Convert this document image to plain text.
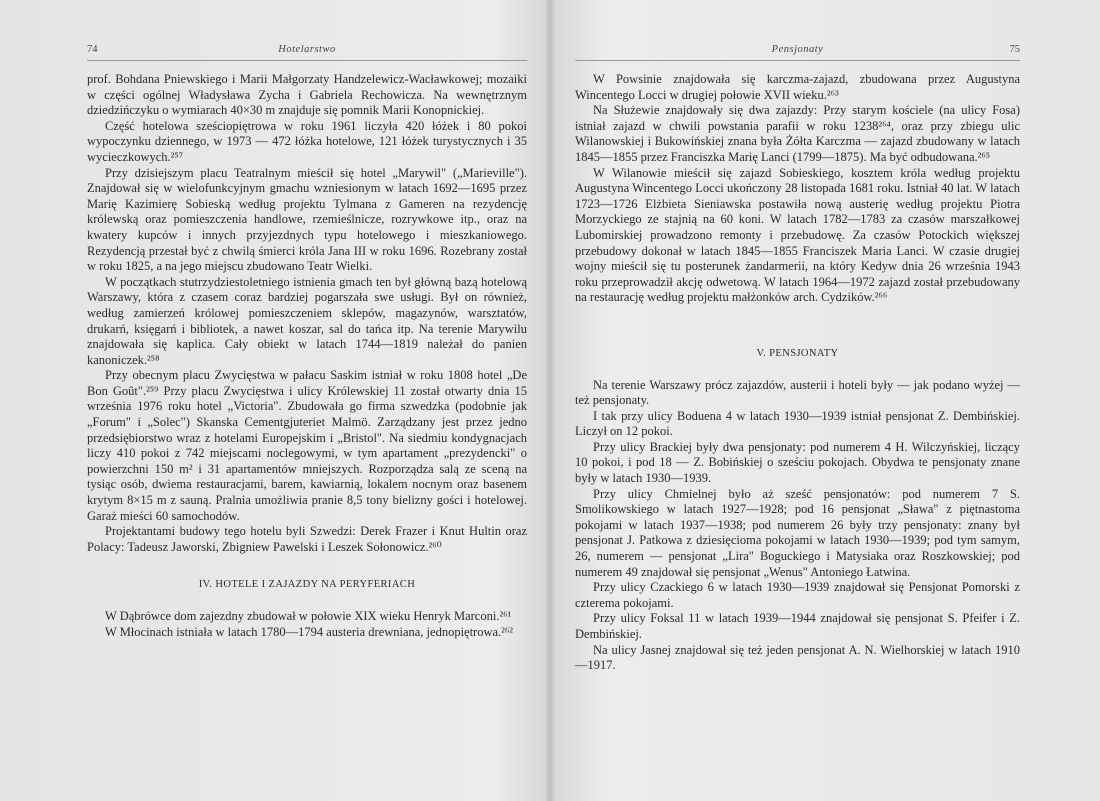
Hotelarstwo
74

prof. Bohdana Pniewskiego i Marii Małgorzaty Handzelewicz-Wacławkowej; mozaiki w części ogólnej Władysława Zycha i Gabriela Rechowicza. Na wewnętrznym dziedzińczyku o wymiarach 40×30 m znajduje się pomnik Marii Konopnickiej.

Część hotelowa sześciopiętrowa w roku 1961 liczyła 420 łóżek i 80 pokoi wypoczynku dziennego, w 1973 — 472 łóżka hotelowe, 121 łóżek turystycznych i 35 wycieczkowych.²⁵⁷

Przy dzisiejszym placu Teatralnym mieścił się hotel „Marywil" („Marieville"). Znajdował się w wielofunkcyjnym gmachu wzniesionym w latach 1692—1695 przez Marię Kazimierę Sobieską według projektu Tylmana z Gameren na rezydencję królewską oraz pomieszczenia handlowe, rzemieślnicze, rozrywkowe itp., oraz na kwatery kupców i innych przyjezdnych typu hotelowego i mieszkaniowego. Rezydencją przestał być z chwilą śmierci króla Jana III w roku 1696. Rozebrany został w roku 1825, a na jego miejscu zbudowano Teatr Wielki.

W początkach stutrzydziestoletniego istnienia gmach ten był główną bazą hotelową Warszawy, która z czasem coraz bardziej pogarszała swe usługi. Był on również, według zamierzeń królowej pomieszczeniem sklepów, magazynów, warsztatów, drukarń, księgarń i bibliotek, a nawet koszar, sal do tańca itp. Na terenie Marywilu znajdowała się kaplica. Cały obiekt w latach 1744—1819 należał do panien kanoniczek.²⁵⁸

Przy obecnym placu Zwycięstwa w pałacu Saskim istniał w roku 1808 hotel „De Bon Goût".²⁵⁹ Przy placu Zwycięstwa i ulicy Królewskiej 11 został otwarty dnia 15 września 1976 roku hotel „Victoria". Zbudowała go firma szwedzka (podobnie jak „Forum" i „Solec") Skanska Cementgjuteriet Malmö. Zarządzany jest przez jedno przedsiębiorstwo wraz z hotelami Europejskim i „Bristol". Na siedmiu kondygnacjach liczy 410 pokoi z 742 miejscami noclegowymi, w tym apartament „prezydencki" o powierzchni 150 m² i 31 apartamentów mniejszych. Rozporządza salą ze sceną na tysiąc osób, dwiema restauracjami, barem, kawiarnią, lokalem nocnym oraz basenem krytym 8×15 m z sauną. Pralnia umożliwia pranie 8,5 tony bielizny gości i hotelowej. Garaż mieści 60 samochodów.

Projektantami budowy tego hotelu byli Szwedzi: Derek Frazer i Knut Hultin oraz Polacy: Tadeusz Jaworski, Zbigniew Pawelski i Leszek Sołonowicz.²⁶⁰

IV. HOTELE I ZAJAZDY NA PERYFERIACH

W Dąbrówce dom zajezdny zbudował w połowie XIX wieku Henryk Marconi.²⁶¹

W Młocinach istniała w latach 1780—1794 austeria drewniana, jednopiętrowa.²⁶²

Pensjonaty	75

W Powsinie znajdowała się karczma-zajazd, zbudowana przez Augustyna Wincentego Locci w drugiej połowie XVII wieku.²⁶³

Na Służewie znajdowały się dwa zajazdy: Przy starym kościele (na ulicy Fosa) istniał zajazd w chwili powstania parafii w roku 1238²⁶⁴, oraz przy zbiegu ulic Wilanowskiej i Bukowińskiej znana była Żółta Karczma — zajazd zbudowany w latach 1845—1855 przez Franciszka Marię Lanci (1799—1875). Ma być odbudowana.²⁶⁵

W Wilanowie mieścił się zajazd Sobieskiego, kosztem króla według projektu Augustyna Wincentego Locci ukończony 28 listopada 1681 roku. Istniał 40 lat. W latach 1723—1726 Elżbieta Sieniawska postawiła nową austerię według projektu Piotra Morzyckiego ze stajnią na 60 koni. W latach 1782—1783 za czasów marszałkowej Lubomirskiej prowadzono remonty i przebudowę. Za czasów Potockich większej przebudowy dokonał w latach 1845—1855 Franciszek Maria Lanci. W czasie drugiej wojny mieścił się tu posterunek żandarmerii, na który Kedyw dnia 26 września 1943 roku przeprowadził akcję odwetową. W latach 1964—1972 zajazd został przebudowany na restaurację według projektu małżonków arch. Cydzików.²⁶⁶

V. PENSJONATY

Na terenie Warszawy prócz zajazdów, austerii i hoteli były — jak podano wyżej — też pensjonaty.

I tak przy ulicy Boduena 4 w latach 1930—1939 istniał pensjonat Z. Dembińskiej. Liczył on 12 pokoi.

Przy ulicy Brackiej były dwa pensjonaty: pod numerem 4 H. Wilczyńskiej, liczący 10 pokoi, i pod 18 — Z. Bobińskiej o sześciu pokojach. Obydwa te pensjonaty znane były w latach 1930—1939.

Przy ulicy Chmielnej było aż sześć pensjonatów: pod numerem 7 S. Smolikowskiego w latach 1927—1928; pod 16 pensjonat „Sława" z piętnastoma pokojami w latach 1937—1938; pod numerem 26 były trzy pensjonaty: znany był pensjonat J. Patkowa z dziesięcioma pokojami w latach 1930—1939; pod tym samym, 26, numerem — pensjonat „Lira" Boguckiego i Matysiaka oraz Roszkowskiej; pod numerem 49 znajdował się pensjonat „Wenus" Antoniego Łatwina.

Przy ulicy Czackiego 6 w latach 1930—1939 znajdował się Pensjonat Pomorski z czterema pokojami.

Przy ulicy Foksal 11 w latach 1939—1944 znajdował się pensjonat S. Pfeifer i Z. Dembińskiej.

Na ulicy Jasnej znajdował się też jeden pensjonat A. N. Wielhorskiej w latach 1910—1917.
